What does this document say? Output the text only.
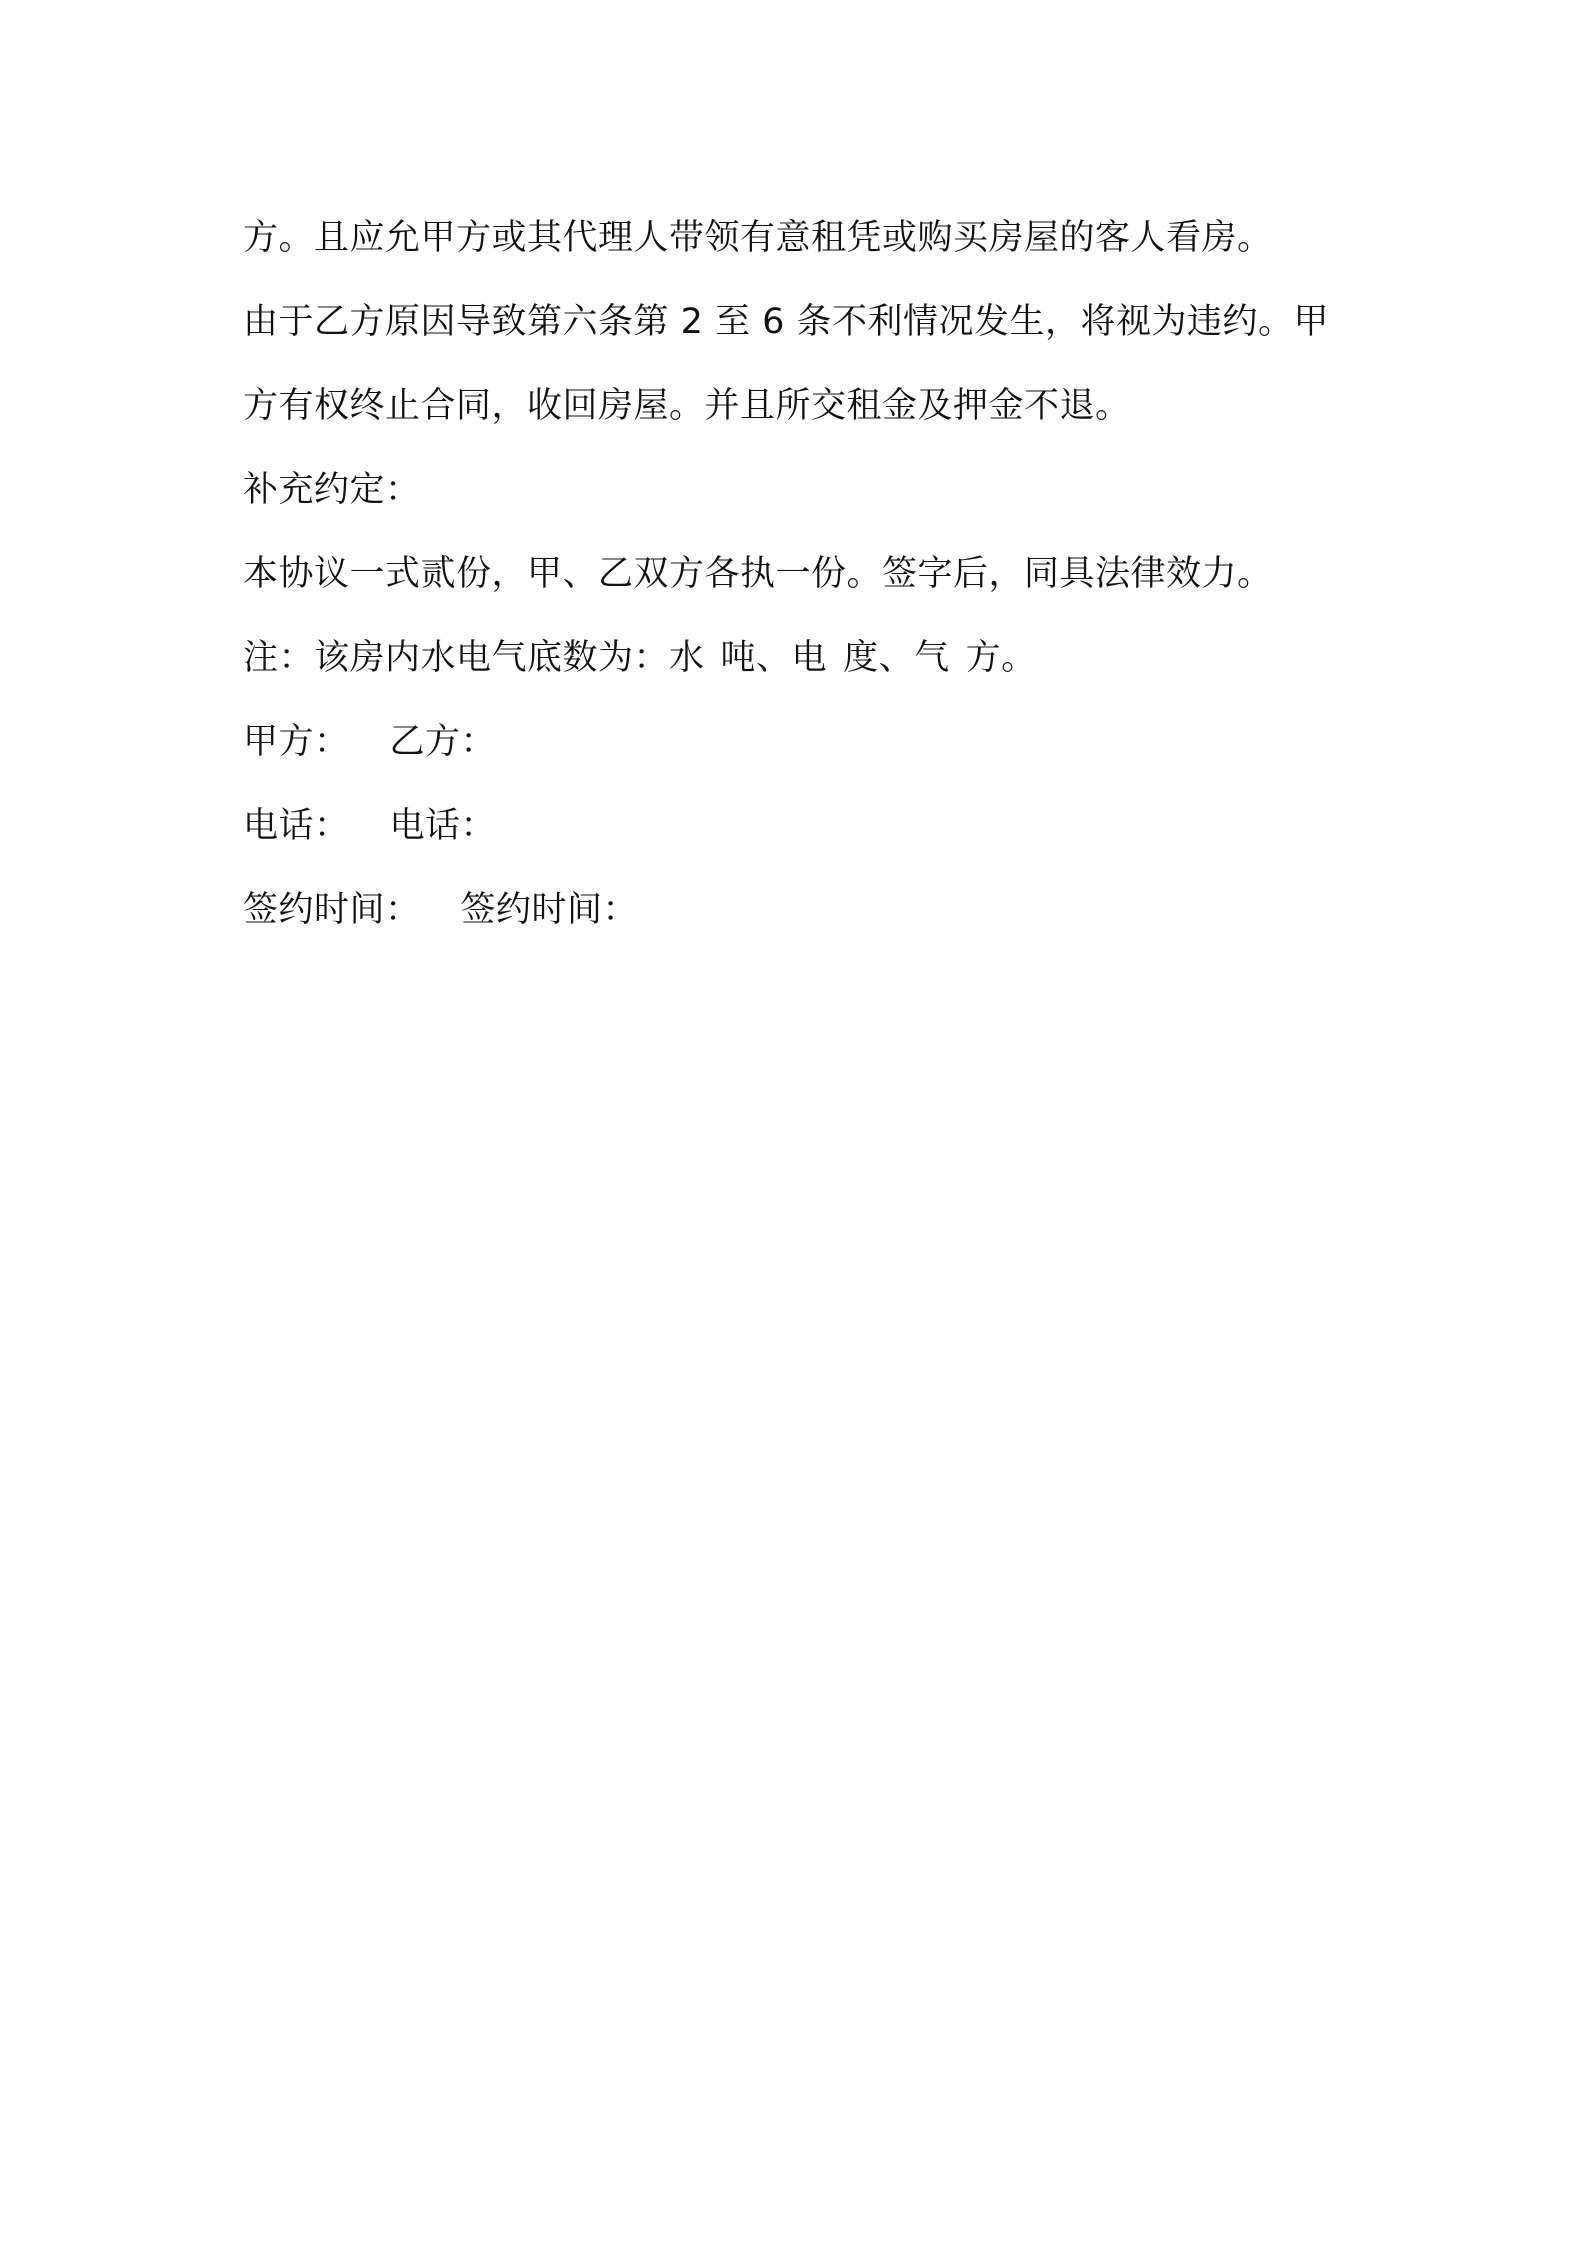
方。且应允甲方或其代理人带领有意租凭或购买房屋的客人看房。
由于乙方原因导致第六条第 2 至 6 条不利情况发生，将视为违约。甲
方有权终止合同，收回房屋。并且所交租金及押金不退。
补充约定：
本协议一式贰份，甲、乙双方各执一份。签字后，同具法律效力。
注：该房内水电气底数为：水 吨、电 度、气 方。
甲方： 乙方：
电话： 电话：
签约时间： 签约时间：
